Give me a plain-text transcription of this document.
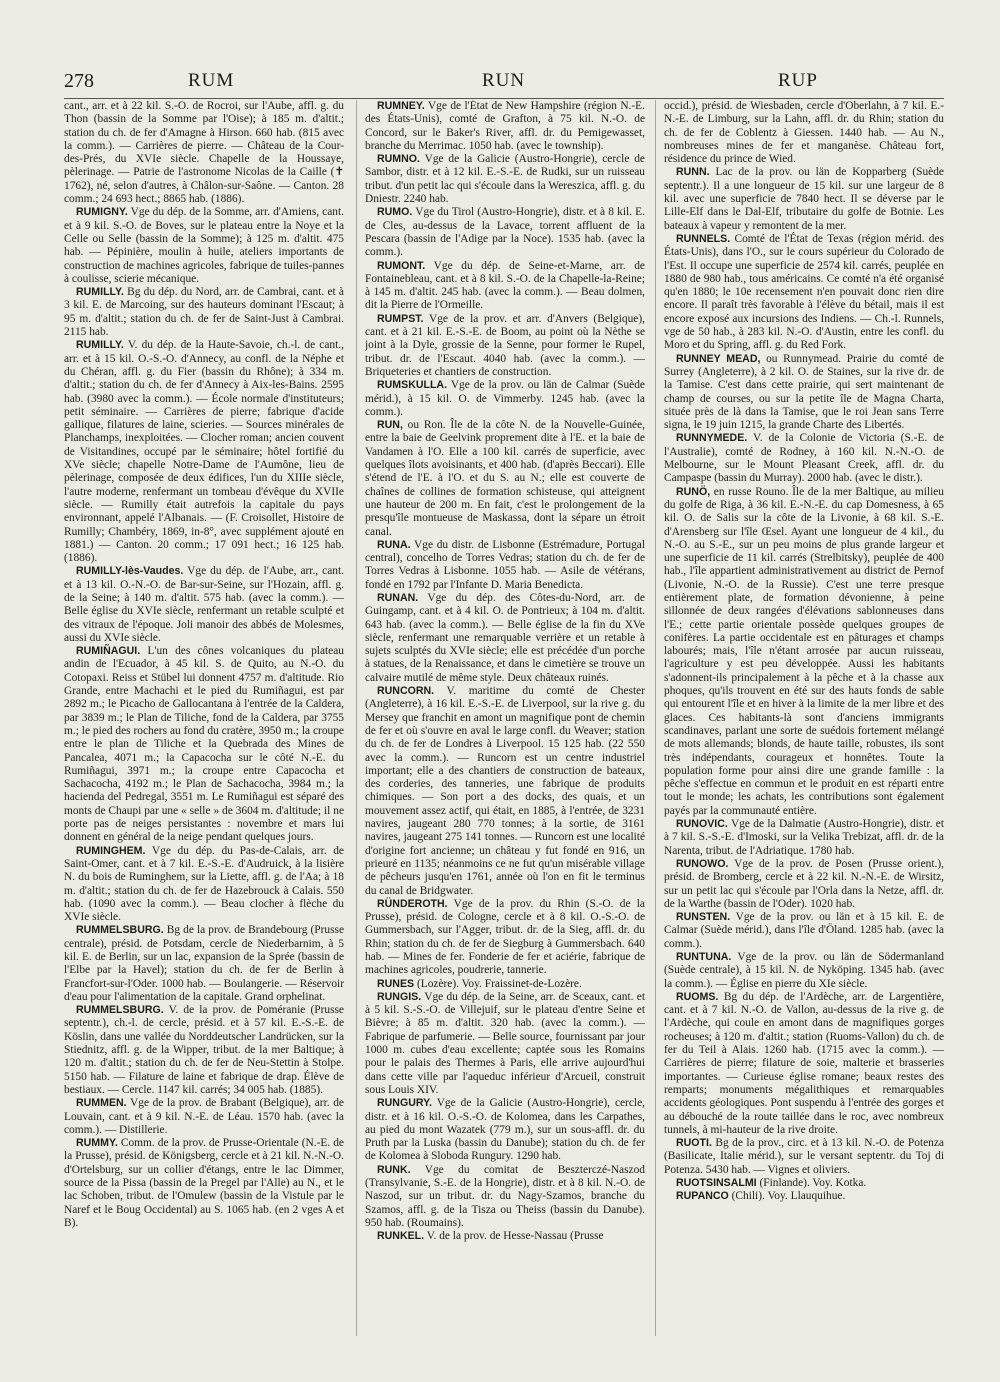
278	RUM	RUN	RUP

cant., arr. et à 22 kil. S.-O. de Rocroi, sur l'Aube, affl. g. du Thon (bassin de la Somme par l'Oise); à 185 m. d'altit.; station du ch. de fer d'Amagne à Hirson. 660 hab. (815 avec la comm.). — Carrières de pierre. — Château de la Cour-des-Prés, du XVIe siècle. Chapelle de la Houssaye, pèlerinage. — Patrie de l'astronome Nicolas de la Caille (✝ 1762), né, selon d'autres, à Châlon-sur-Saône. — Canton. 28 comm.; 24 693 hect.; 8865 hab. (1886).

RUMIGNY. Vge du dép. de la Somme, arr. d'Amiens, cant. et à 9 kil. S.-O. de Boves, sur le plateau entre la Noye et la Celle ou Selle (bassin de la Somme); à 125 m. d'altit. 475 hab. — Pépinière, moulin à huile, ateliers importants de construction de machines agricoles, fabrique de tuiles-pannes à coulisse, scierie mécanique.

RUMILLY. Bg du dép. du Nord, arr. de Cambrai, cant. et à 3 kil. E. de Marcoing, sur des hauteurs dominant l'Escaut; à 95 m. d'altit.; station du ch. de fer de Saint-Just à Cambrai. 2115 hab.

RUMILLY. V. du dép. de la Haute-Savoie, ch.-l. de cant., arr. et à 15 kil. O.-S.-O. d'Annecy, au confl. de la Néphe et du Chéran, affl. g. du Fier (bassin du Rhône); à 334 m. d'altit.; station du ch. de fer d'Annecy à Aix-les-Bains. 2595 hab. (3980 avec la comm.). — École normale d'instituteurs; petit séminaire. — Carrières de pierre; fabrique d'acide gallique, filatures de laine, scieries. — Sources minérales de Planchamps, inexploitées. — Clocher roman; ancien couvent de Visitandines, occupé par le séminaire; hôtel fortifié du XVe siècle; chapelle Notre-Dame de l'Aumône, lieu de pèlerinage, composée de deux édifices, l'un du XIIIe siècle, l'autre moderne, renfermant un tombeau d'évêque du XVIIe siècle. — Rumilly était autrefois la capitale du pays environnant, appelé l'Albanais. — (F. Croisollet, Histoire de Rumilly; Chambéry, 1869, in-8°, avec supplément ajouté en 1881.) — Canton. 20 comm.; 17 091 hect.; 16 125 hab. (1886).

RUMILLY-lès-Vaudes. Vge du dép. de l'Aube, arr., cant. et à 13 kil. O.-N.-O. de Bar-sur-Seine, sur l'Hozain, affl. g. de la Seine; à 140 m. d'altit. 575 hab. (avec la comm.). — Belle église du XVIe siècle, renfermant un retable sculpté et des vitraux de l'époque. Joli manoir des abbés de Molesmes, aussi du XVIe siècle.

RUMIÑAGUI. L'un des cônes volcaniques du plateau andin de l'Ecuador, à 45 kil. S. de Quito, au N.-O. du Cotopaxi. Reiss et Stübel lui donnent 4757 m. d'altitude. Rio Grande, entre Machachi et le pied du Rumiñagui, est par 2892 m.; le Picacho de Gallocantana à l'entrée de la Caldera, par 3839 m.; le Plan de Tiliche, fond de la Caldera, par 3755 m.; le pied des rochers au fond du cratère, 3950 m.; la croupe entre le plan de Tiliche et la Quebrada des Mines de Pancalea, 4071 m.; la Capacocha sur le côté N.-E. du Rumiñagui, 3971 m.; la croupe entre Capacocha et Sachacocha, 4192 m.; le Plan de Sachacocha, 3984 m.; la hacienda del Pedregal, 3551 m. Le Rumiñagui est séparé des monts de Chaupi par une « selle » de 3604 m. d'altitude; il ne porte pas de neiges persistantes : novembre et mars lui donnent en général de la neige pendant quelques jours.

RUMINGHEM. Vge du dép. du Pas-de-Calais, arr. de Saint-Omer, cant. et à 7 kil. E.-S.-E. d'Audruick, à la lisière N. du bois de Ruminghem, sur la Liette, affl. g. de l'Aa; à 18 m. d'altit.; station du ch. de fer de Hazebrouck à Calais. 550 hab. (1090 avec la comm.). — Beau clocher à flèche du XVIe siècle.

RUMMELSBURG. Bg de la prov. de Brandebourg (Prusse centrale), présid. de Potsdam, cercle de Niederbarnim, à 5 kil. E. de Berlin, sur un lac, expansion de la Sprée (bassin de l'Elbe par la Havel); station du ch. de fer de Berlin à Francfort-sur-l'Oder. 1000 hab. — Boulangerie. — Réservoir d'eau pour l'alimentation de la capitale. Grand orphelinat.

RUMMELSBURG. V. de la prov. de Poméranie (Prusse septentr.), ch.-l. de cercle, présid. et à 57 kil. E.-S.-E. de Köslin, dans une vallée du Norddeutscher Landrücken, sur la Stiednitz, affl. g. de la Wipper, tribut. de la mer Baltique; à 120 m. d'altit.; station du ch. de fer de Neu-Stettin à Stolpe. 5150 hab. — Filature de laine et fabrique de drap. Élève de bestiaux. — Cercle. 1147 kil. carrés; 34 005 hab. (1885).

RUMMEN. Vge de la prov. de Brabant (Belgique), arr. de Louvain, cant. et à 9 kil. N.-E. de Léau. 1570 hab. (avec la comm.). — Distillerie.

RUMMY. Comm. de la prov. de Prusse-Orientale (N.-E. de la Prusse), présid. de Königsberg, cercle et à 21 kil. N.-N.-O. d'Ortelsburg, sur un collier d'étangs, entre le lac Dimmer, source de la Pissa (bassin de la Pregel par l'Alle) au N., et le lac Schoben, tribut. de l'Omulew (bassin de la Vistule par le Naref et le Boug Occidental) au S. 1065 hab. (en 2 vges A et B).

RUMNEY. Vge de l'État de New Hampshire (région N.-E. des États-Unis), comté de Grafton, à 75 kil. N.-O. de Concord, sur le Baker's River, affl. dr. du Pemigewasset, branche du Merrimac. 1050 hab. (avec le township).

RUMNO. Vge de la Galicie (Austro-Hongrie), cercle de Sambor, distr. et à 12 kil. E.-S.-E. de Rudki, sur un ruisseau tribut. d'un petit lac qui s'écoule dans la Wereszica, affl. g. du Dniestr. 2240 hab.

RUMO. Vge du Tirol (Austro-Hongrie), distr. et à 8 kil. E. de Cles, au-dessus de la Lavace, torrent affluent de la Pescara (bassin de l'Adige par la Noce). 1535 hab. (avec la comm.).

RUMONT. Vge du dép. de Seine-et-Marne, arr. de Fontainebleau, cant. et à 8 kil. S.-O. de la Chapelle-la-Reine; à 145 m. d'altit. 245 hab. (avec la comm.). — Beau dolmen, dit la Pierre de l'Ormeille.

RUMPST. Vge de la prov. et arr. d'Anvers (Belgique), cant. et à 21 kil. E.-S.-E. de Boom, au point où la Nèthe se joint à la Dyle, grossie de la Senne, pour former le Rupel, tribut. dr. de l'Escaut. 4040 hab. (avec la comm.). — Briqueteries et chantiers de construction.

RUMSKULLA. Vge de la prov. ou län de Calmar (Suède mérid.), à 15 kil. O. de Vimmerby. 1245 hab. (avec la comm.).

RUN, ou Ron. Île de la côte N. de la Nouvelle-Guinée, entre la baie de Geelvink proprement dite à l'E. et la baie de Vandamen à l'O. Elle a 100 kil. carrés de superficie, avec quelques îlots avoisinants, et 400 hab. (d'après Beccari). Elle s'étend de l'E. à l'O. et du S. au N.; elle est couverte de chaînes de collines de formation schisteuse, qui atteignent une hauteur de 200 m. En fait, c'est le prolongement de la presqu'île montueuse de Maskassa, dont la sépare un étroit canal.

RUNA. Vge du distr. de Lisbonne (Estrémadure, Portugal central), concelho de Torres Vedras; station du ch. de fer de Torres Vedras à Lisbonne. 1055 hab. — Asile de vétérans, fondé en 1792 par l'Infante D. Maria Benedicta.

RUNAN. Vge du dép. des Côtes-du-Nord, arr. de Guingamp, cant. et à 4 kil. O. de Pontrieux; à 104 m. d'altit. 643 hab. (avec la comm.). — Belle église de la fin du XVe siècle, renfermant une remarquable verrière et un retable à sujets sculptés du XVIe siècle; elle est précédée d'un porche à statues, de la Renaissance, et dans le cimetière se trouve un calvaire mutilé de même style. Deux châteaux ruinés.

RUNCORN. V. maritime du comté de Chester (Angleterre), à 16 kil. E.-S.-E. de Liverpool, sur la rive g. du Mersey que franchit en amont un magnifique pont de chemin de fer et où s'ouvre en aval le large confl. du Weaver; station du ch. de fer de Londres à Liverpool. 15 125 hab. (22 550 avec la comm.). — Runcorn est un centre industriel important; elle a des chantiers de construction de bateaux, des corderies, des tanneries, une fabrique de produits chimiques. — Son port a des docks, des quais, et un mouvement assez actif, qui était, en 1885, à l'entrée, de 3231 navires, jaugeant 280 770 tonnes; à la sortie, de 3161 navires, jaugeant 275 141 tonnes. — Runcorn est une localité d'origine fort ancienne; un château y fut fondé en 916, un prieuré en 1135; néanmoins ce ne fut qu'un misérable village de pêcheurs jusqu'en 1761, année où l'on en fit le terminus du canal de Bridgwater.

RÜNDEROTH. Vge de la prov. du Rhin (S.-O. de la Prusse), présid. de Cologne, cercle et à 8 kil. O.-S.-O. de Gummersbach, sur l'Agger, tribut. dr. de la Sieg, affl. dr. du Rhin; station du ch. de fer de Siegburg à Gummersbach. 640 hab. — Mines de fer. Fonderie de fer et aciérie, fabrique de machines agricoles, poudrerie, tannerie.

RUNES (Lozère). Voy. Fraissinet-de-Lozère.

RUNGIS. Vge du dép. de la Seine, arr. de Sceaux, cant. et à 5 kil. S.-S.-O. de Villejuif, sur le plateau d'entre Seine et Bièvre; à 85 m. d'altit. 320 hab. (avec la comm.). — Fabrique de parfumerie. — Belle source, fournissant par jour 1000 m. cubes d'eau excellente; captée sous les Romains pour le palais des Thermes à Paris, elle arrive aujourd'hui dans cette ville par l'aqueduc inférieur d'Arcueil, construit sous Louis XIV.

RUNGURY. Vge de la Galicie (Austro-Hongrie), cercle, distr. et à 16 kil. O.-S.-O. de Kolomea, dans les Carpathes, au pied du mont Wazatek (779 m.), sur un sous-affl. dr. du Pruth par la Luska (bassin du Danube); station du ch. de fer de Kolomea à Sloboda Rungury. 1290 hab.

RUNK. Vge du comitat de Beszterczé-Naszod (Transylvanie, S.-E. de la Hongrie), distr. et à 8 kil. N.-O. de Naszod, sur un tribut. dr. du Nagy-Szamos, branche du Szamos, affl. g. de la Tisza ou Theiss (bassin du Danube). 950 hab. (Roumains).

RUNKEL. V. de la prov. de Hesse-Nassau (Prusse

occid.), présid. de Wiesbaden, cercle d'Oberlahn, à 7 kil. E.-N.-E. de Limburg, sur la Lahn, affl. dr. du Rhin; station du ch. de fer de Coblentz à Giessen. 1440 hab. — Au N., nombreuses mines de fer et manganèse. Château fort, résidence du prince de Wied.

RUNN. Lac de la prov. ou län de Kopparberg (Suède septentr.). Il a une longueur de 15 kil. sur une largeur de 8 kil. avec une superficie de 7840 hect. Il se déverse par le Lille-Elf dans le Dal-Elf, tributaire du golfe de Botnie. Les bateaux à vapeur y remontent de la mer.

RUNNELS. Comté de l'État de Texas (région mérid. des États-Unis), dans l'O., sur le cours supérieur du Colorado de l'Est. Il occupe une superficie de 2574 kil. carrés, peuplée en 1880 de 980 hab., tous américains. Ce comté n'a été organisé qu'en 1880; le 10e recensement n'en pouvait donc rien dire encore. Il paraît très favorable à l'élève du bétail, mais il est encore exposé aux incursions des Indiens. — Ch.-l. Runnels, vge de 50 hab., à 283 kil. N.-O. d'Austin, entre les confl. du Moro et du Spring, affl. g. du Red Fork.

RUNNEY MEAD, ou Runnymead. Prairie du comté de Surrey (Angleterre), à 2 kil. O. de Staines, sur la rive dr. de la Tamise. C'est dans cette prairie, qui sert maintenant de champ de courses, ou sur la petite île de Magna Charta, située près de là dans la Tamise, que le roi Jean sans Terre signa, le 19 juin 1215, la grande Charte des Libertés.

RUNNYMEDE. V. de la Colonie de Victoria (S.-E. de l'Australie), comté de Rodney, à 160 kil. N.-N.-O. de Melbourne, sur le Mount Pleasant Creek, affl. dr. du Campaspe (bassin du Murray). 2000 hab. (avec le distr.).

RUNÖ, en russe Rouno. Île de la mer Baltique, au milieu du golfe de Riga, à 36 kil. E.-N.-E. du cap Domesness, à 65 kil. O. de Salis sur la côte de la Livonie, à 68 kil. S.-E. d'Arensberg sur l'île Œsel. Ayant une longueur de 4 kil., du N.-O. au S.-E., sur un peu moins de plus grande largeur et une superficie de 11 kil. carrés (Strelbitsky), peuplée de 400 hab., l'île appartient administrativement au district de Pernof (Livonie, N.-O. de la Russie). C'est une terre presque entièrement plate, de formation dévonienne, à peine sillonnée de deux rangées d'élévations sablonneuses dans l'E.; cette partie orientale possède quelques groupes de conifères. La partie occidentale est en pâturages et champs labourés; mais, l'île n'étant arrosée par aucun ruisseau, l'agriculture y est peu développée. Aussi les habitants s'adonnent-ils principalement à la pêche et à la chasse aux phoques, qu'ils trouvent en été sur des hauts fonds de sable qui entourent l'île et en hiver à la limite de la mer libre et des glaces. Ces habitants-là sont d'anciens immigrants scandinaves, parlant une sorte de suédois fortement mélangé de mots allemands; blonds, de haute taille, robustes, ils sont très indépendants, courageux et honnêtes. Toute la population forme pour ainsi dire une grande famille : la pêche s'effectue en commun et le produit en est réparti entre tout le monde; les achats, les contributions sont également payés par la communauté entière.

RUNOVIC. Vge de la Dalmatie (Austro-Hongrie), distr. et à 7 kil. S.-S.-E. d'Imoski, sur la Velika Trebizat, affl. dr. de la Narenta, tribut. de l'Adriatique. 1780 hab.

RUNOWO. Vge de la prov. de Posen (Prusse orient.), présid. de Bromberg, cercle et à 22 kil. N.-N.-E. de Wirsitz, sur un petit lac qui s'écoule par l'Orla dans la Netze, affl. dr. de la Warthe (bassin de l'Oder). 1020 hab.

RUNSTEN. Vge de la prov. ou län et à 15 kil. E. de Calmar (Suède mérid.), dans l'île d'Öland. 1285 hab. (avec la comm.).

RUNTUNA. Vge de la prov. ou län de Södermanland (Suède centrale), à 15 kil. N. de Nyköping. 1345 hab. (avec la comm.). — Église en pierre du XIe siècle.

RUOMS. Bg du dép. de l'Ardèche, arr. de Largentière, cant. et à 7 kil. N.-O. de Vallon, au-dessus de la rive g. de l'Ardèche, qui coule en amont dans de magnifiques gorges rocheuses; à 120 m. d'altit.; station (Ruoms-Vallon) du ch. de fer du Teil à Alais. 1260 hab. (1715 avec la comm.). — Carrières de pierre; filature de soie, malterie et brasseries importantes. — Curieuse église romane; beaux restes des remparts; monuments mégalithiques et remarquables accidents géologiques. Pont suspendu à l'entrée des gorges et au débouché de la route taillée dans le roc, avec nombreux tunnels, à mi-hauteur de la rive droite.

RUOTI. Bg de la prov., circ. et à 13 kil. N.-O. de Potenza (Basilicate, Italie mérid.), sur le versant septentr. du Toj di Potenza. 5430 hab. — Vignes et oliviers.

RUOTSINSALMI (Finlande). Voy. Kotka.

RUPANCO (Chili). Voy. Llauquihue.
